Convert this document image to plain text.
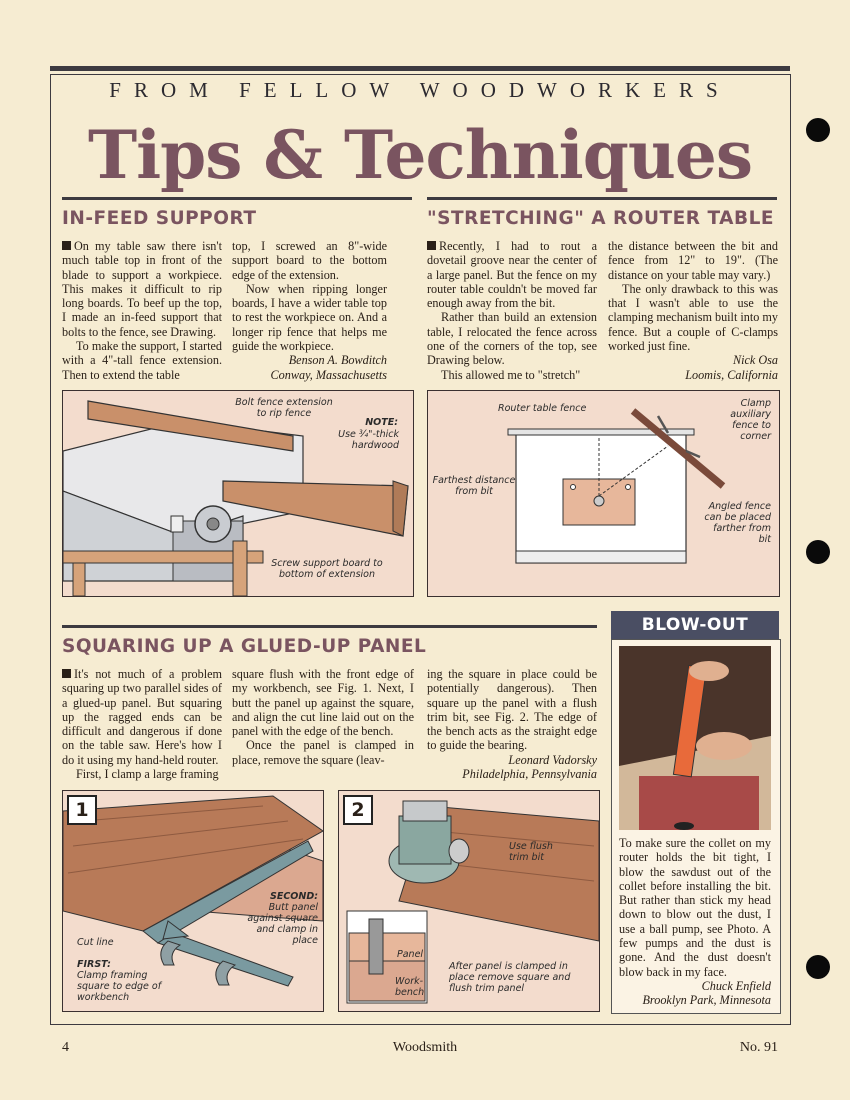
FROM FELLOW WOODWORKERS
Tips & Techniques
IN-FEED SUPPORT

On my table saw there isn't much table top in front of the blade to support a workpiece. This makes it difficult to rip long boards. To beef up the top, I made an in-feed support that bolts to the fence, see Drawing.

To make the support, I started with a 4"-tall fence extension. Then to extend the table

top, I screwed an 8"-wide support board to the bottom edge of the extension.

Now when ripping longer boards, I have a wider table top to rest the workpiece on. And a longer rip fence that helps me guide the workpiece.

Benson A. Bowditch

Conway, Massachusetts

Bolt fence extension to rip fence
NOTE:
Use ¾"-thick hardwood
Screw support board to bottom of extension
"STRETCHING" A ROUTER TABLE

Recently, I had to rout a dovetail groove near the center of a large panel. But the fence on my router table couldn't be moved far enough away from the bit.

Rather than build an extension table, I relocated the fence across one of the corners of the top, see Drawing below.

This allowed me to "stretch"

the distance between the bit and fence from 12" to 19". (The distance on your table may vary.)

The only drawback to this was that I wasn't able to use the clamping mechanism built into my fence. But a couple of C-clamps worked just fine.

Nick Osa

Loomis, California

Router table fence	Clamp auxiliary fence to corner
Farthest distance from bit
Angled fence can be placed farther from bit
SQUARING UP A GLUED-UP PANEL

It's not much of a problem squaring up two parallel sides of a glued-up panel. But squaring up the ragged ends can be difficult and dangerous if done on the table saw. Here's how I do it using my hand-held router.

First, I clamp a large framing

square flush with the front edge of my workbench, see Fig. 1. Next, I butt the panel up against the square, and align the cut line laid out on the panel with the edge of the bench.

Once the panel is clamped in place, remove the square (leav-

ing the square in place could be potentially dangerous). Then square up the panel with a flush trim bit, see Fig. 2. The edge of the bench acts as the straight edge to guide the bearing.

Leonard Vadorsky

Philadelphia, Pennsylvania

1
SECOND:
Butt panel against square and clamp in place
Cut line
FIRST:
Clamp framing square to edge of workbench
2
Use flush trim bit
Panel
Work-bench
After panel is clamped in place remove square and flush trim panel
BLOW-OUT

To make sure the collet on my router holds the bit tight, I blow the sawdust out of the collet before installing the bit. But rather than stick my head down to blow out the dust, I use a ball pump, see Photo. A few pumps and the dust is gone. And the dust doesn't blow back in my face.

Chuck Enfield

Brooklyn Park, Minnesota

4	Woodsmith	No. 91
